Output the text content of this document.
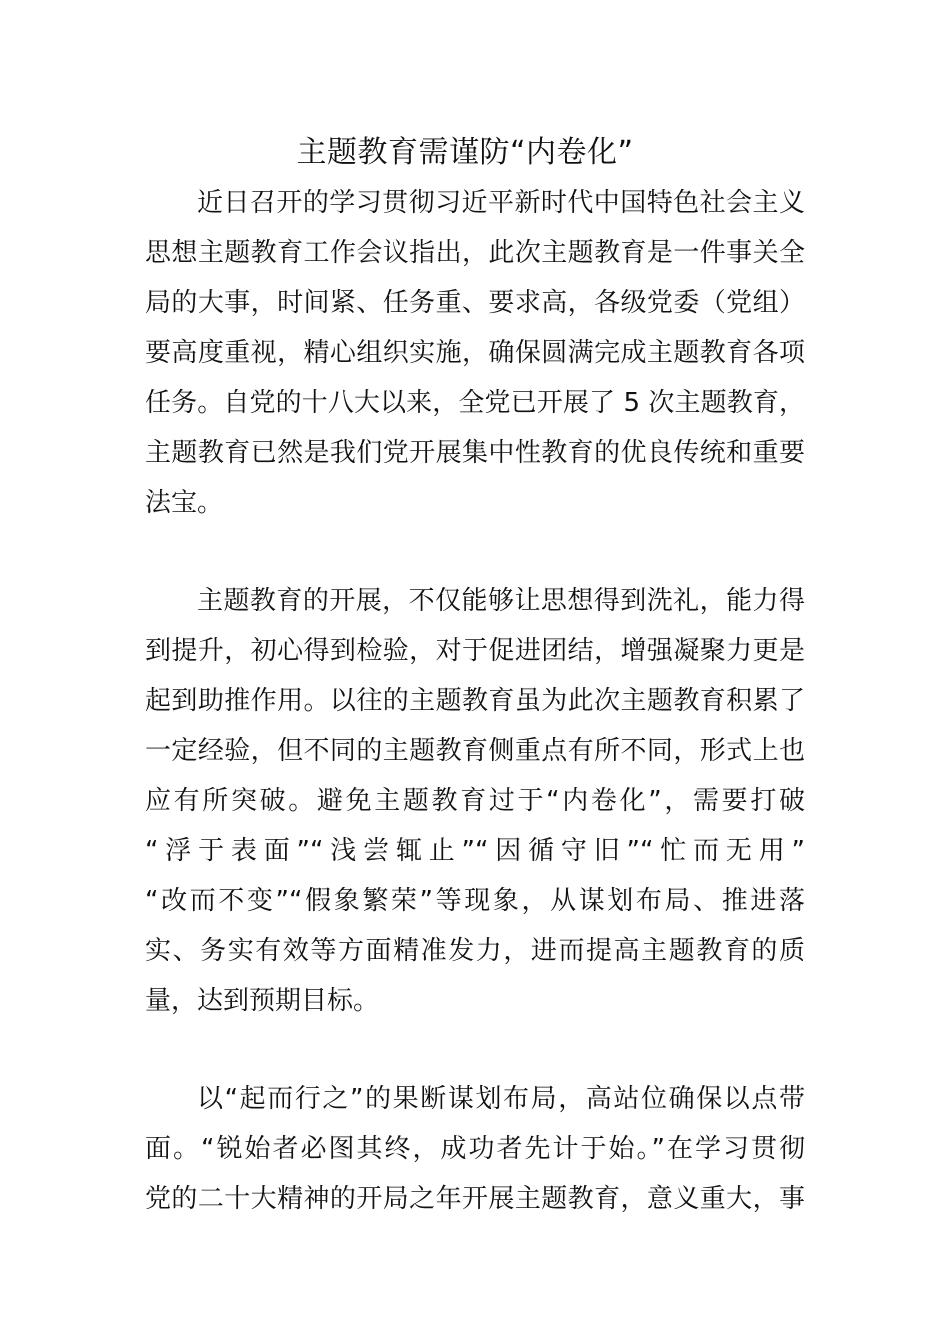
主题教育需谨防“内卷化”
近日召开的学习贯彻习近平新时代中国特色社会主义
思想主题教育工作会议指出，此次主题教育是一件事关全
局的大事，时间紧、任务重、要求高，各级党委（党组）
要高度重视，精心组织实施，确保圆满完成主题教育各项
任务。自党的十八大以来，全党已开展了 5 次主题教育，
主题教育已然是我们党开展集中性教育的优良传统和重要
法宝。
主题教育的开展，不仅能够让思想得到洗礼，能力得
到提升，初心得到检验，对于促进团结，增强凝聚力更是
起到助推作用。以往的主题教育虽为此次主题教育积累了
一定经验，但不同的主题教育侧重点有所不同，形式上也
应有所突破。避免主题教育过于“内卷化”，需要打破
“浮于表面”“浅尝辄止”“因循守旧”“忙而无用”
“改而不变”“假象繁荣”等现象，从谋划布局、推进落
实、务实有效等方面精准发力，进而提高主题教育的质
量，达到预期目标。
以“起而行之”的果断谋划布局，高站位确保以点带
面。“锐始者必图其终，成功者先计于始。”在学习贯彻
党的二十大精神的开局之年开展主题教育，意义重大，事
